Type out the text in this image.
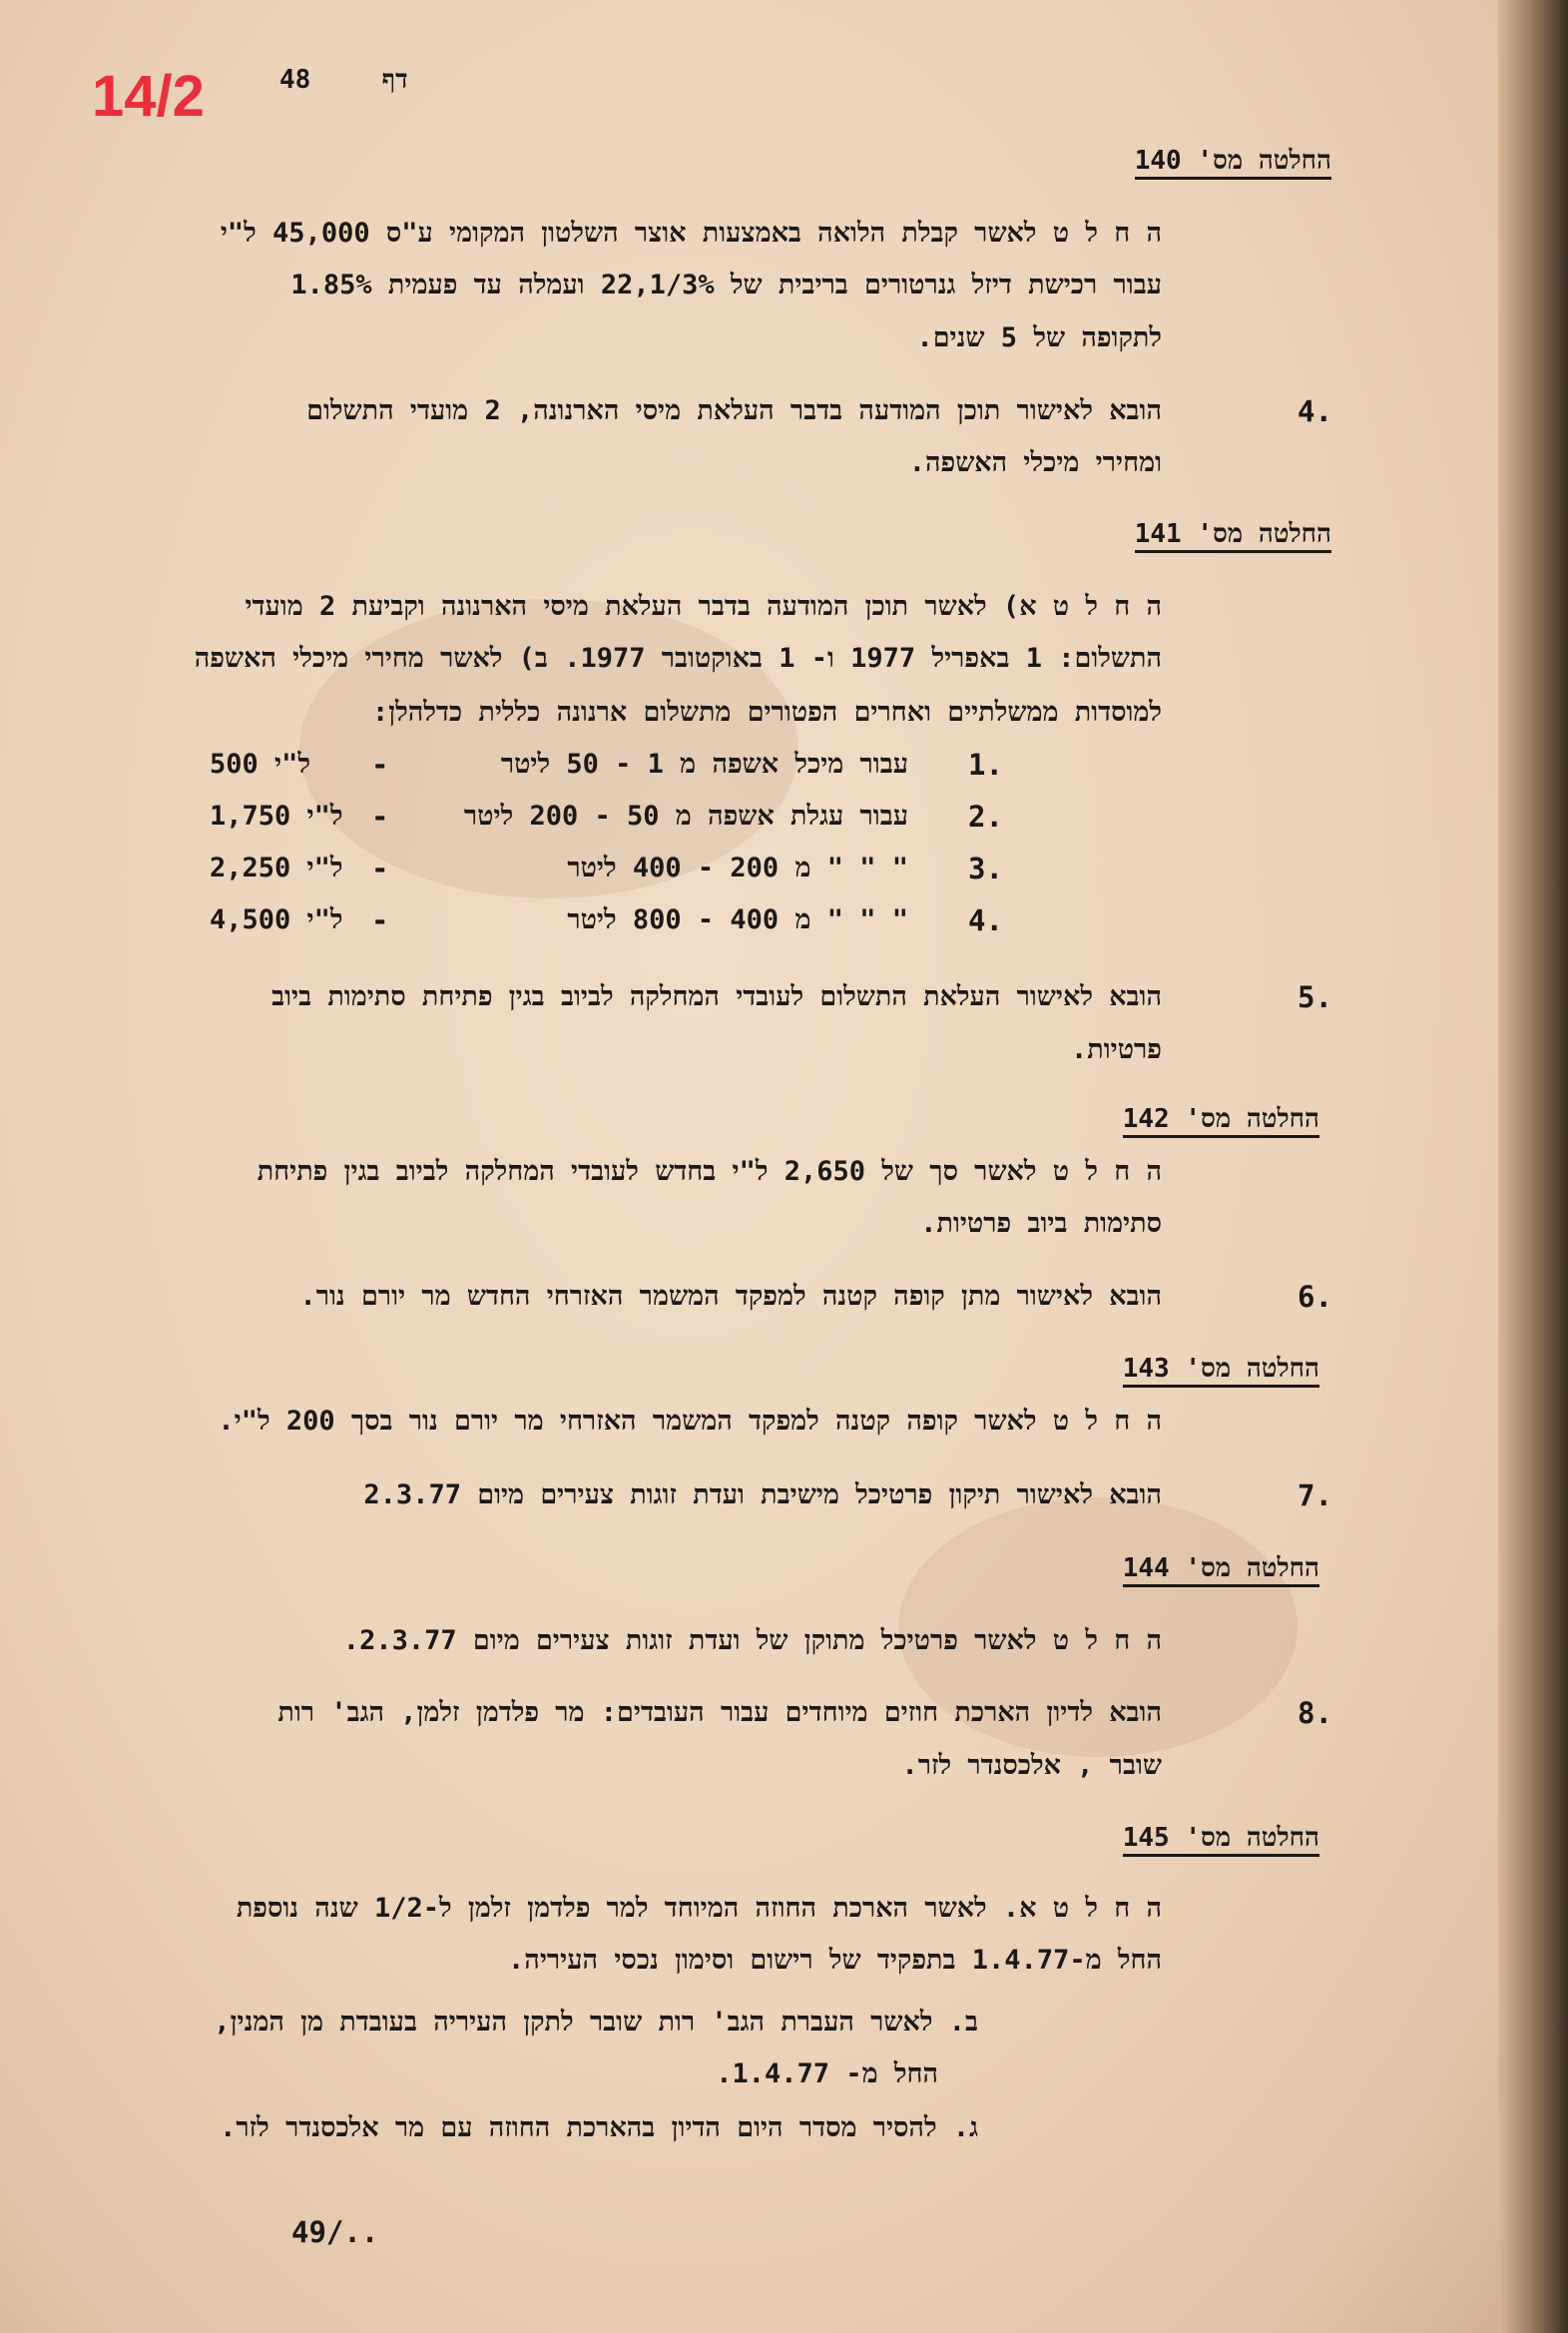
14/2	48	דף
החלטה מס' 140
ה ח ל ט לאשר קבלת הלואה באמצעות אוצר השלטון המקומי ע"ס 45,000 ל"י
עבור רכישת דיזל גנרטורים בריבית של 22,1/3% ועמלה עד פעמית 1.85%
לתקופה של 5 שנים.
4.
הובא לאישור תוכן המודעה בדבר העלאת מיסי הארנונה, 2 מועדי התשלום
ומחירי מיכלי האשפה.
החלטה מס' 141
ה ח ל ט א) לאשר תוכן המודעה בדבר העלאת מיסי הארנונה וקביעת 2 מועדי
התשלום: 1 באפריל 1977 ו- 1 באוקטובר 1977. ב) לאשר מחירי מיכלי האשפה
למוסדות ממשלתיים ואחרים הפטורים מתשלום ארנונה כללית כדלהלן:
1.
עבור מיכל אשפה מ 1 - 50 ליטר
-
500 ל"י
2.
עבור עגלת אשפה מ 50 - 200 ליטר
-
1,750 ל"י
3.
" " " מ 200 - 400 ליטר
-
2,250 ל"י
4.
" " " מ 400 - 800 ליטר
-
4,500 ל"י
5.
הובא לאישור העלאת התשלום לעובדי המחלקה לביוב בגין פתיחת סתימות ביוב
פרטיות.
החלטה מס' 142
ה ח ל ט לאשר סך של 2,650 ל"י בחדש לעובדי המחלקה לביוב בגין פתיחת
סתימות ביוב פרטיות.
6.
הובא לאישור מתן קופה קטנה למפקד המשמר האזרחי החדש מר יורם נור.
החלטה מס' 143
ה ח ל ט לאשר קופה קטנה למפקד המשמר האזרחי מר יורם נור בסך 200 ל"י.
7.
הובא לאישור תיקון פרטיכל מישיבת ועדת זוגות צעירים מיום 2.3.77
החלטה מס' 144
ה ח ל ט לאשר פרטיכל מתוקן של ועדת זוגות צעירים מיום 2.3.77.
8.
הובא לדיון הארכת חוזים מיוחדים עבור העובדים: מר פלדמן זלמן, הגב' רות
שובר , אלכסנדר לזר.
החלטה מס' 145
ה ח ל ט א. לאשר הארכת החוזה המיוחד למר פלדמן זלמן ל-1/2 שנה נוספת
החל מ-1.4.77 בתפקיד של רישום וסימון נכסי העיריה.
ב. לאשר העברת הגב' רות שובר לתקן העיריה בעובדת מן המנין,
החל מ- 1.4.77.
ג. להסיר מסדר היום הדיון בהארכת החוזה עם מר אלכסנדר לזר.
49/..
